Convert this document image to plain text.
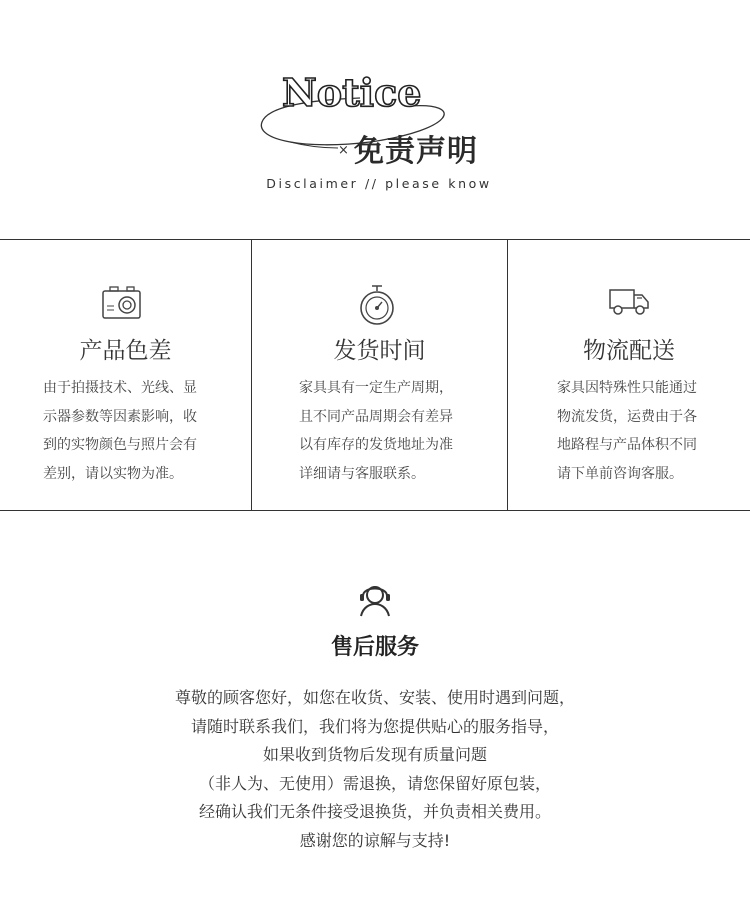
×
Notice
免责声明
Disclaimer // please know
产品色差
由于拍摄技术、光线、显
示器参数等因素影响，收
到的实物颜色与照片会有
差别，请以实物为准。
发货时间
家具具有一定生产周期，
且不同产品周期会有差异
以有库存的发货地址为准
详细请与客服联系。
物流配送
家具因特殊性只能通过
物流发货，运费由于各
地路程与产品体积不同
请下单前咨询客服。
售后服务
尊敬的顾客您好，如您在收货、安装、使用时遇到问题，
请随时联系我们，我们将为您提供贴心的服务指导，
如果收到货物后发现有质量问题
（非人为、无使用）需退换，请您保留好原包装，
经确认我们无条件接受退换货，并负责相关费用。
感谢您的谅解与支持!
